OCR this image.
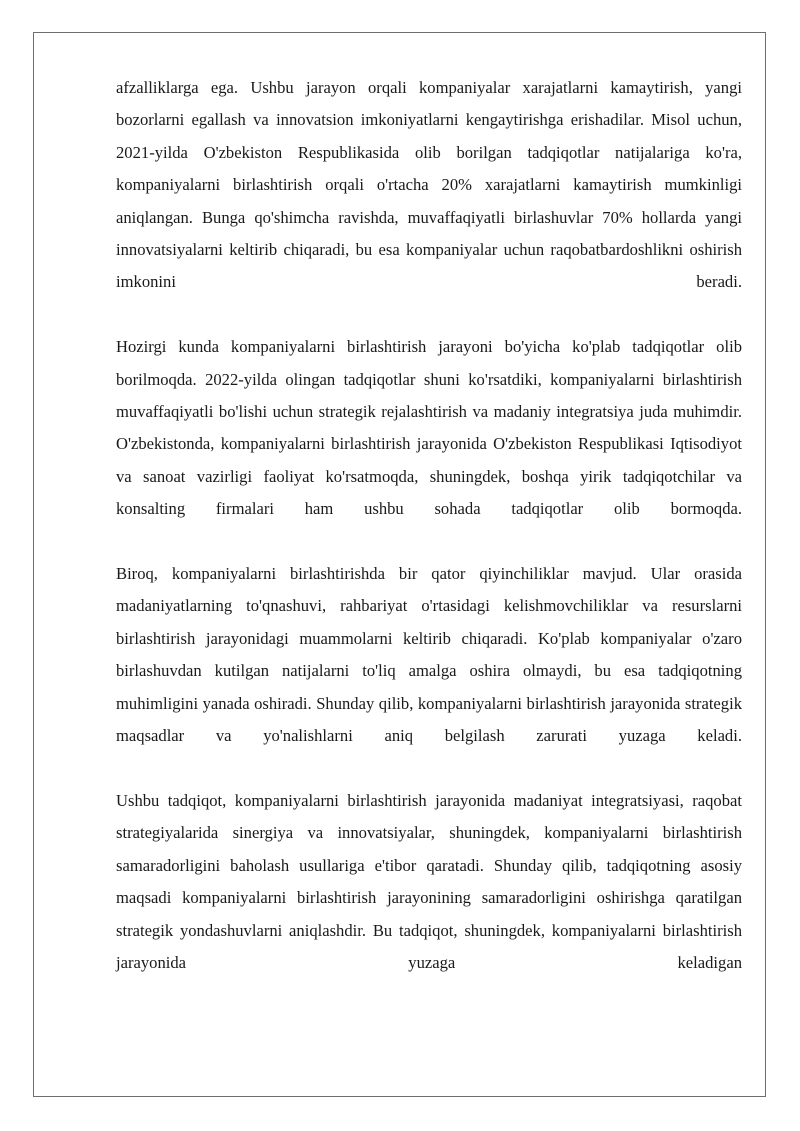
afzalliklarga ega. Ushbu jarayon orqali kompaniyalar xarajatlarni kamaytirish, yangi bozorlarni egallash va innovatsion imkoniyatlarni kengaytirishga erishadilar. Misol uchun, 2021-yilda O'zbekiston Respublikasida olib borilgan tadqiqotlar natijalariga ko'ra, kompaniyalarni birlashtirish orqali o'rtacha 20% xarajatlarni kamaytirish mumkinligi aniqlangan. Bunga qo'shimcha ravishda, muvaffaqiyatli birlashuvlar 70% hollarda yangi innovatsiyalarni keltirib chiqaradi, bu esa kompaniyalar uchun raqobatbardoshlikni oshirish imkonini beradi.

Hozirgi kunda kompaniyalarni birlashtirish jarayoni bo'yicha ko'plab tadqiqotlar olib borilmoqda. 2022-yilda olingan tadqiqotlar shuni ko'rsatdiki, kompaniyalarni birlashtirish muvaffaqiyatli bo'lishi uchun strategik rejalashtirish va madaniy integratsiya juda muhimdir. O'zbekistonda, kompaniyalarni birlashtirish jarayonida O'zbekiston Respublikasi Iqtisodiyot va sanoat vazirligi faoliyat ko'rsatmoqda, shuningdek, boshqa yirik tadqiqotchilar va konsalting firmalari ham ushbu sohada tadqiqotlar olib bormoqda.

Biroq, kompaniyalarni birlashtirishda bir qator qiyinchiliklar mavjud. Ular orasida madaniyatlarning to'qnashuvi, rahbariyat o'rtasidagi kelishmovchiliklar va resurslarni birlashtirish jarayonidagi muammolarni keltirib chiqaradi. Ko'plab kompaniyalar o'zaro birlashuvdan kutilgan natijalarni to'liq amalga oshira olmaydi, bu esa tadqiqotning muhimligini yanada oshiradi. Shunday qilib, kompaniyalarni birlashtirish jarayonida strategik maqsadlar va yo'nalishlarni aniq belgilash zarurati yuzaga keladi.

Ushbu tadqiqot, kompaniyalarni birlashtirish jarayonida madaniyat integratsiyasi, raqobat strategiyalarida sinergiya va innovatsiyalar, shuningdek, kompaniyalarni birlashtirish samaradorligini baholash usullariga e'tibor qaratadi. Shunday qilib, tadqiqotning asosiy maqsadi kompaniyalarni birlashtirish jarayonining samaradorligini oshirishga qaratilgan strategik yondashuvlarni aniqlashdir. Bu tadqiqot, shuningdek, kompaniyalarni birlashtirish jarayonida yuzaga keladigan
